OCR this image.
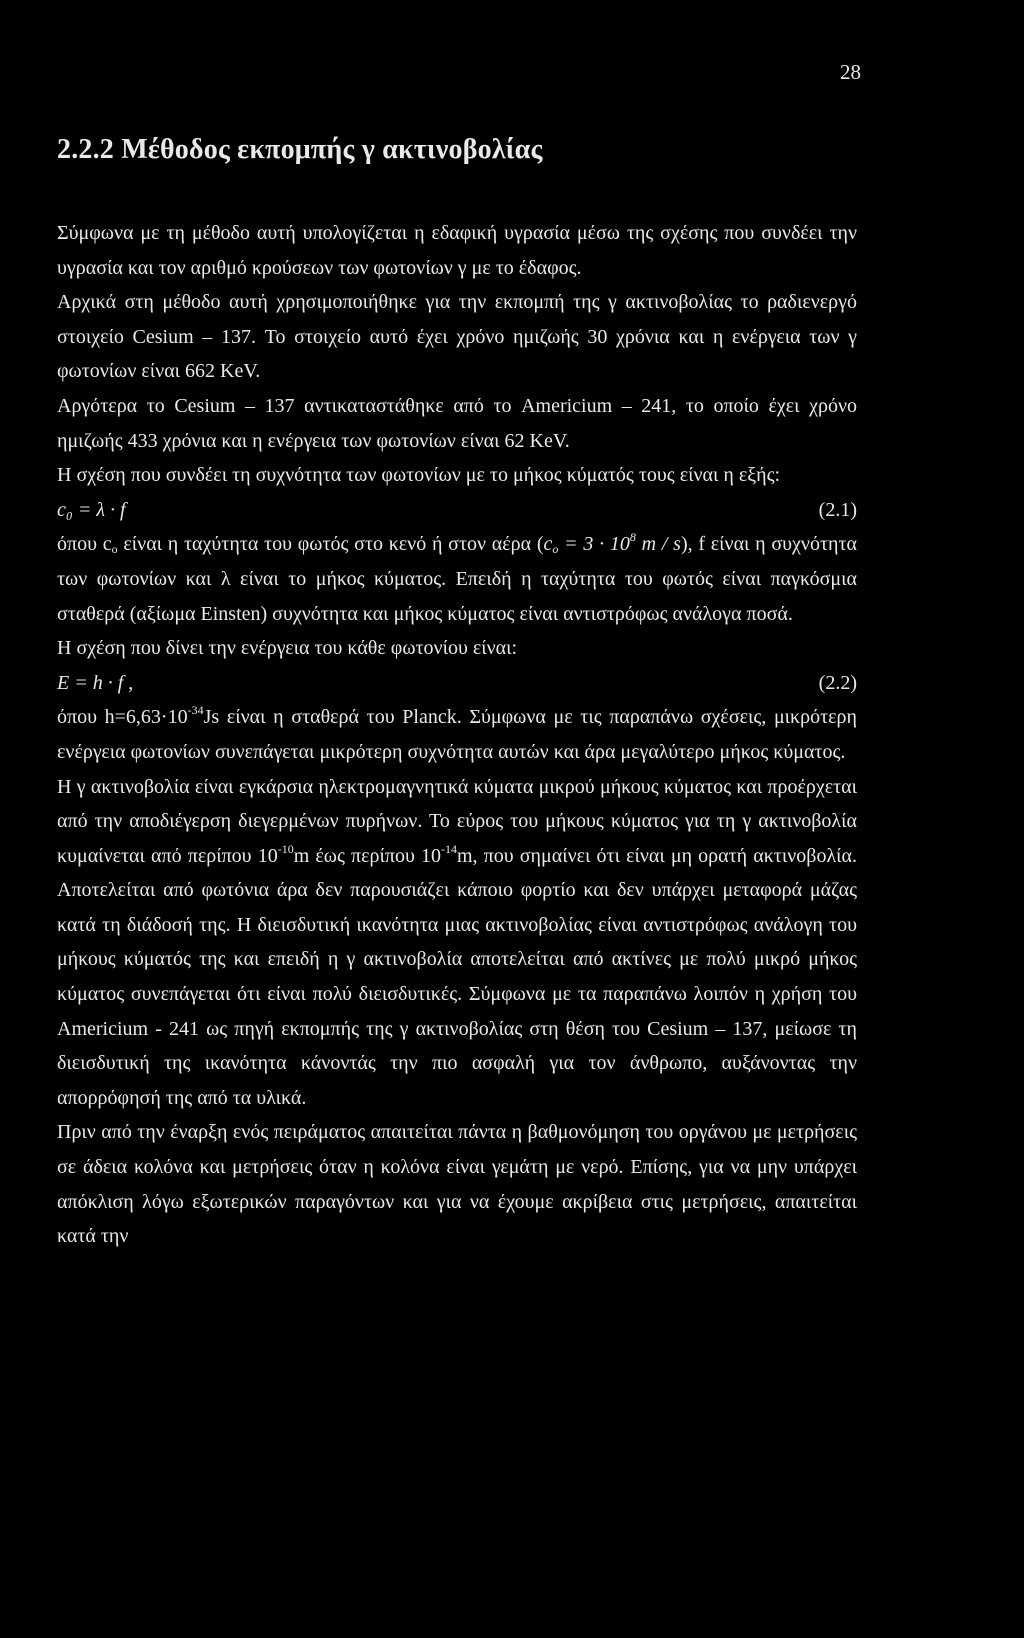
28
2.2.2 Μέθοδος εκπομπής γ ακτινοβολίας

Σύμφωνα με τη μέθοδο αυτή υπολογίζεται η εδαφική υγρασία μέσω της σχέσης που συνδέει την υγρασία και τον αριθμό κρούσεων των φωτονίων γ με το έδαφος.

Αρχικά στη μέθοδο αυτή χρησιμοποιήθηκε για την εκπομπή της γ ακτινοβολίας το ραδιενεργό στοιχείο Cesium – 137. Το στοιχείο αυτό έχει χρόνο ημιζωής 30 χρόνια και η ενέργεια των γ φωτονίων είναι 662 KeV.

Αργότερα το Cesium – 137 αντικαταστάθηκε από το Americium – 241, το οποίο έχει χρόνο ημιζωής 433 χρόνια και η ενέργεια των φωτονίων είναι 62 KeV.

Η σχέση που συνδέει τη συχνότητα των φωτονίων με το μήκος κύματός τους είναι η εξής:

c₀ = λ · f	(2.1)

όπου $c_o$ είναι η ταχύτητα του φωτός στο κενό ή στον αέρα ($c_o = 3 \cdot 10^8$ m / s), f είναι η συχνότητα των φωτονίων και λ είναι το μήκος κύματος. Επειδή η ταχύτητα του φωτός είναι παγκόσμια σταθερά (αξίωμα Einsten) συχνότητα και μήκος κύματος είναι αντιστρόφως ανάλογα ποσά.

Η σχέση που δίνει την ενέργεια του κάθε φωτονίου είναι:

E = h · f ,	(2.2)

όπου $h=6,63\cdot 10^{-34}Js$ είναι η σταθερά του Planck. Σύμφωνα με τις παραπάνω σχέσεις, μικρότερη ενέργεια φωτονίων συνεπάγεται μικρότερη συχνότητα αυτών και άρα μεγαλύτερο μήκος κύματος.

Η γ ακτινοβολία είναι εγκάρσια ηλεκτρομαγνητικά κύματα μικρού μήκους κύματος και προέρχεται από την αποδιέγερση διεγερμένων πυρήνων. Το εύρος του μήκους κύματος για τη γ ακτινοβολία κυμαίνεται από περίπου $10^{-10}m$ έως περίπου $10^{-14}m$, που σημαίνει ότι είναι μη ορατή ακτινοβολία. Αποτελείται από φωτόνια άρα δεν παρουσιάζει κάποιο φορτίο και δεν υπάρχει μεταφορά μάζας κατά τη διάδοσή της. Η διεισδυτική ικανότητα μιας ακτινοβολίας είναι αντιστρόφως ανάλογη του μήκους κύματός της και επειδή η γ ακτινοβολία αποτελείται από ακτίνες με πολύ μικρό μήκος κύματος συνεπάγεται ότι είναι πολύ διεισδυτικές. Σύμφωνα με τα παραπάνω λοιπόν η χρήση του Americium - 241 ως πηγή εκπομπής της γ ακτινοβολίας στη θέση του Cesium – 137, μείωσε τη διεισδυτική της ικανότητα κάνοντάς την πιο ασφαλή για τον άνθρωπο, αυξάνοντας την απορρόφησή της από τα υλικά.

Πριν από την έναρξη ενός πειράματος απαιτείται πάντα η βαθμονόμηση του οργάνου με μετρήσεις σε άδεια κολόνα και μετρήσεις όταν η κολόνα είναι γεμάτη με νερό. Επίσης, για να μην υπάρχει απόκλιση λόγω εξωτερικών παραγόντων και για να έχουμε ακρίβεια στις μετρήσεις, απαιτείται κατά την
